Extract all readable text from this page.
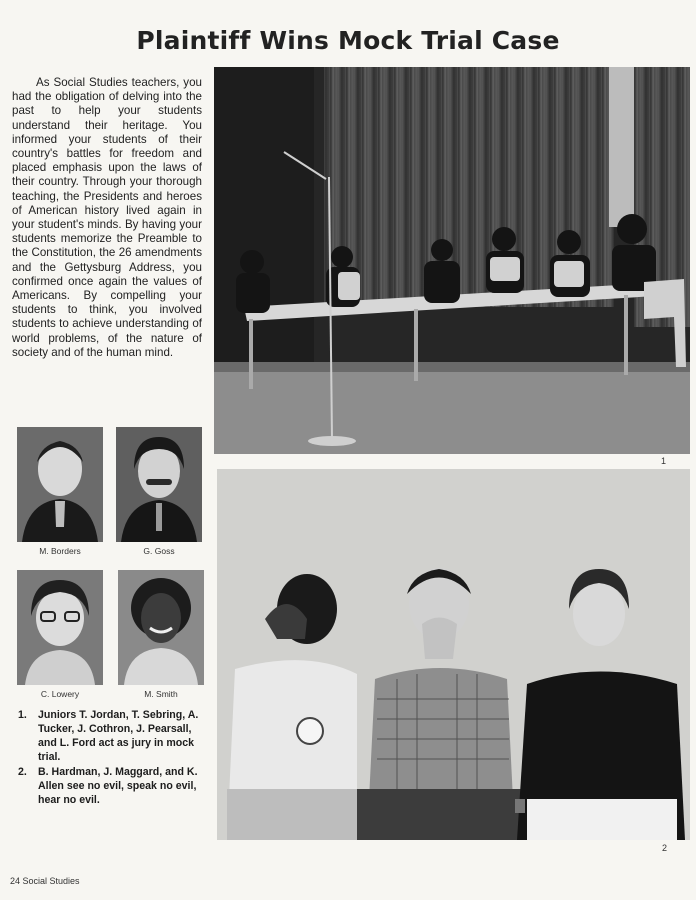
Plaintiff Wins Mock Trial Case
As Social Studies teachers, you had the obligation of delving into the past to help your students understand their heritage. You informed your students of their country's battles for freedom and placed emphasis upon the laws of their country. Through your thorough teaching, the Presidents and heroes of American history lived again in your student's minds. By having your students memorize the Preamble to the Constitution, the 26 amendments and the Gettysburg Address, you confirmed once again the values of Americans. By compelling your students to think, you involved students to achieve understanding of world problems, of the nature of society and of the human mind.
1
M. Borders	G. Goss
C. Lowery	M. Smith
2
1. Juniors T. Jordan, T. Sebring, A. Tucker, J. Cothron, J. Pearsall, and L. Ford act as jury in mock trial.
2. B. Hardman, J. Maggard, and K. Allen see no evil, speak no evil, hear no evil.
24 Social Studies
